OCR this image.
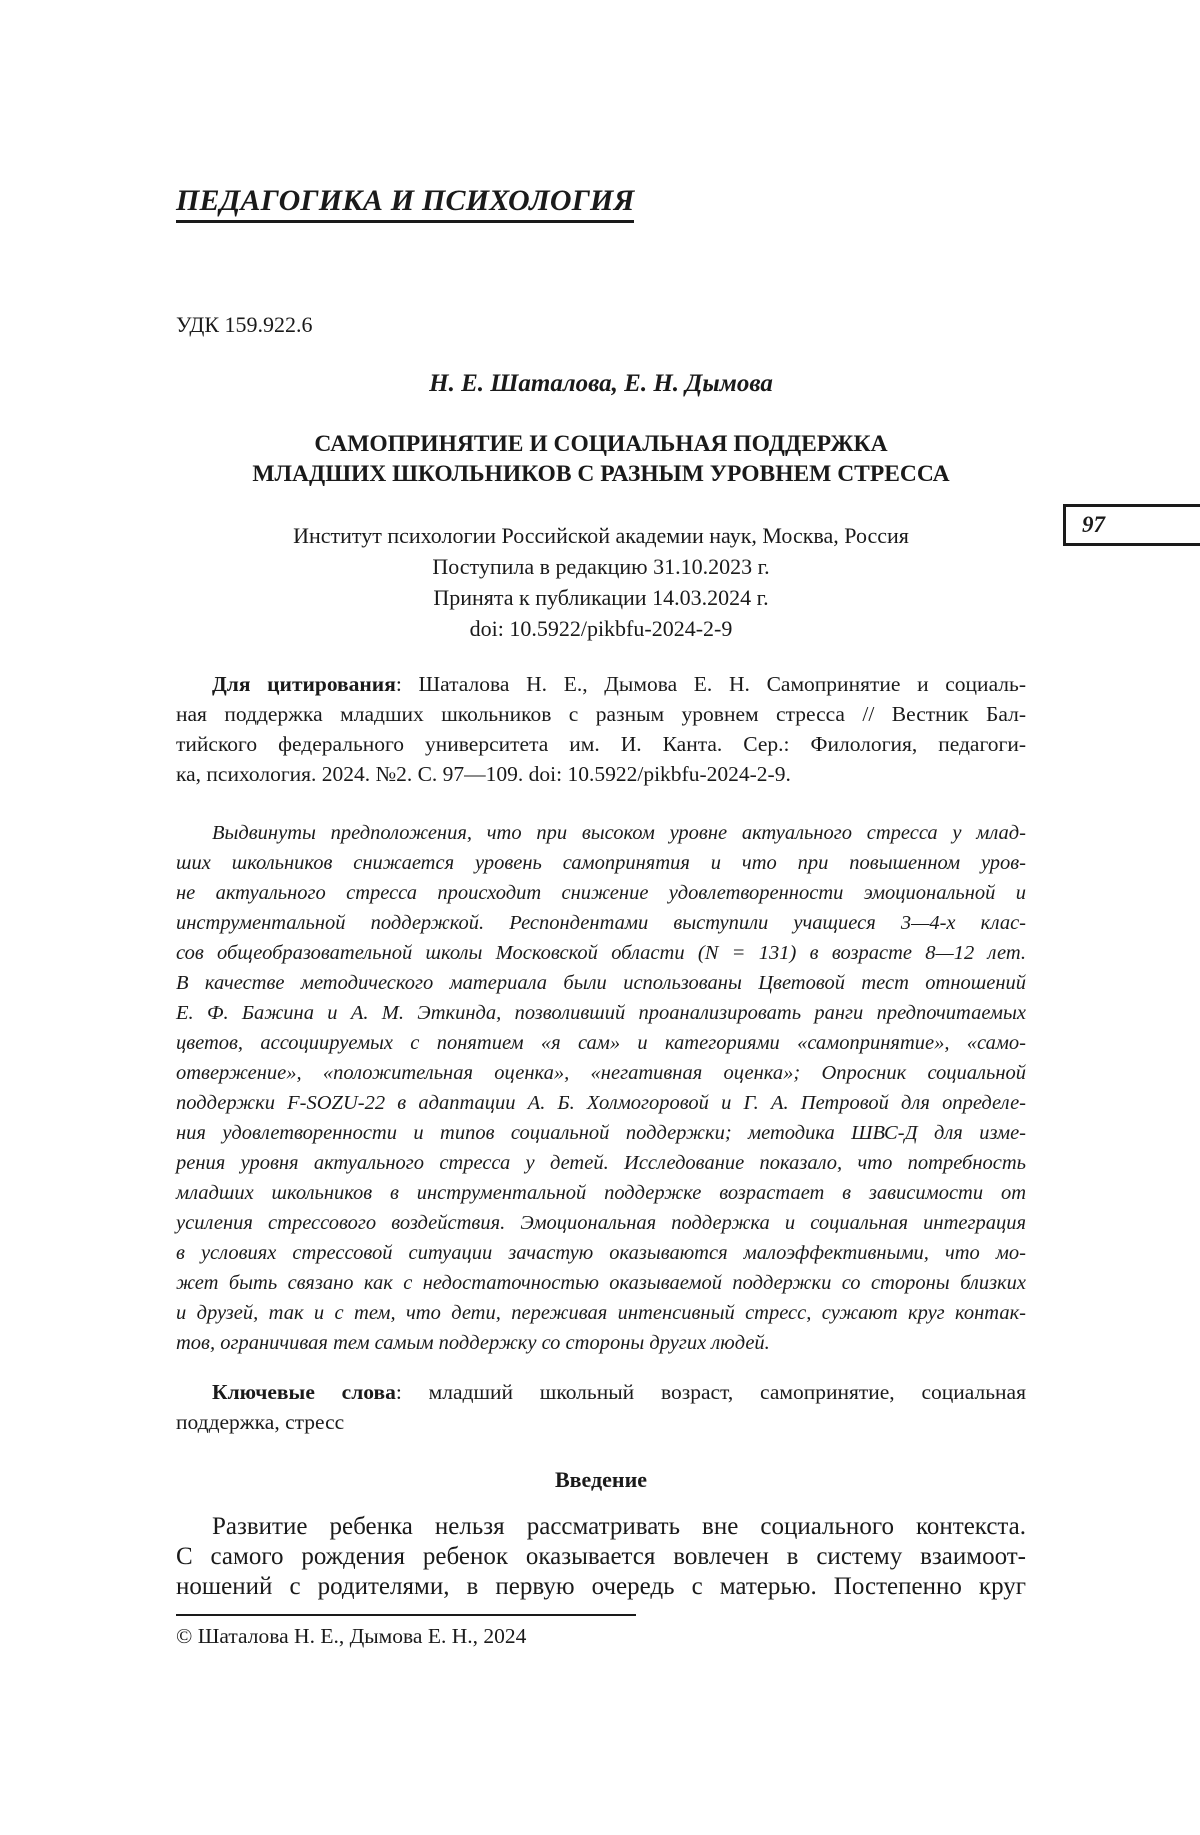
ПЕДАГОГИКА И ПСИХОЛОГИЯ
УДК 159.922.6
Н. Е. Шаталова, Е. Н. Дымова
САМОПРИНЯТИЕ И СОЦИАЛЬНАЯ ПОДДЕРЖКА
МЛАДШИХ ШКОЛЬНИКОВ С РАЗНЫМ УРОВНЕМ СТРЕССА
Институт психологии Российской академии наук, Москва, Россия
Поступила в редакцию 31.10.2023 г.
Принята к публикации 14.03.2024 г.
doi: 10.5922/pikbfu-2024-2-9
97
Для цитирования: Шаталова Н. Е., Дымова Е. Н. Самопринятие и социаль-
ная поддержка младших школьников с разным уровнем стресса // Вестник Бал-
тийского федерального университета им. И. Канта. Сер.: Филология, педагоги-
ка, психология. 2024. №2. С. 97—109. doi: 10.5922/pikbfu-2024-2-9.
Выдвинуты предположения, что при высоком уровне актуального стресса у млад-
ших школьников снижается уровень самопринятия и что при повышенном уров-
не актуального стресса происходит снижение удовлетворенности эмоциональной и
инструментальной поддержкой. Респондентами выступили учащиеся 3—4-х клас-
сов общеобразовательной школы Московской области (N = 131) в возрасте 8—12 лет.
В качестве методического материала были использованы Цветовой тест отношений
Е. Ф. Бажина и А. М. Эткинда, позволивший проанализировать ранги предпочитаемых
цветов, ассоциируемых с понятием «я сам» и категориями «самопринятие», «само-
отвержение», «положительная оценка», «негативная оценка»; Опросник социальной
поддержки F-SOZU-22 в адаптации А. Б. Холмогоровой и Г. А. Петровой для определе-
ния удовлетворенности и типов социальной поддержки; методика ШВС-Д для изме-
рения уровня актуального стресса у детей. Исследование показало, что потребность
младших школьников в инструментальной поддержке возрастает в зависимости от
усиления стрессового воздействия. Эмоциональная поддержка и социальная интеграция
в условиях стрессовой ситуации зачастую оказываются малоэффективными, что мо-
жет быть связано как с недостаточностью оказываемой поддержки со стороны близких
и друзей, так и с тем, что дети, переживая интенсивный стресс, сужают круг контак-
тов, ограничивая тем самым поддержку со стороны других людей.
Ключевые слова: младший школьный возраст, самопринятие, социальная
поддержка, стресс
Введение
Развитие ребенка нельзя рассматривать вне социального контекста.
С самого рождения ребенок оказывается вовлечен в систему взаимоот-
ношений с родителями, в первую очередь с матерью. Постепенно круг
© Шаталова Н. Е., Дымова Е. Н., 2024
